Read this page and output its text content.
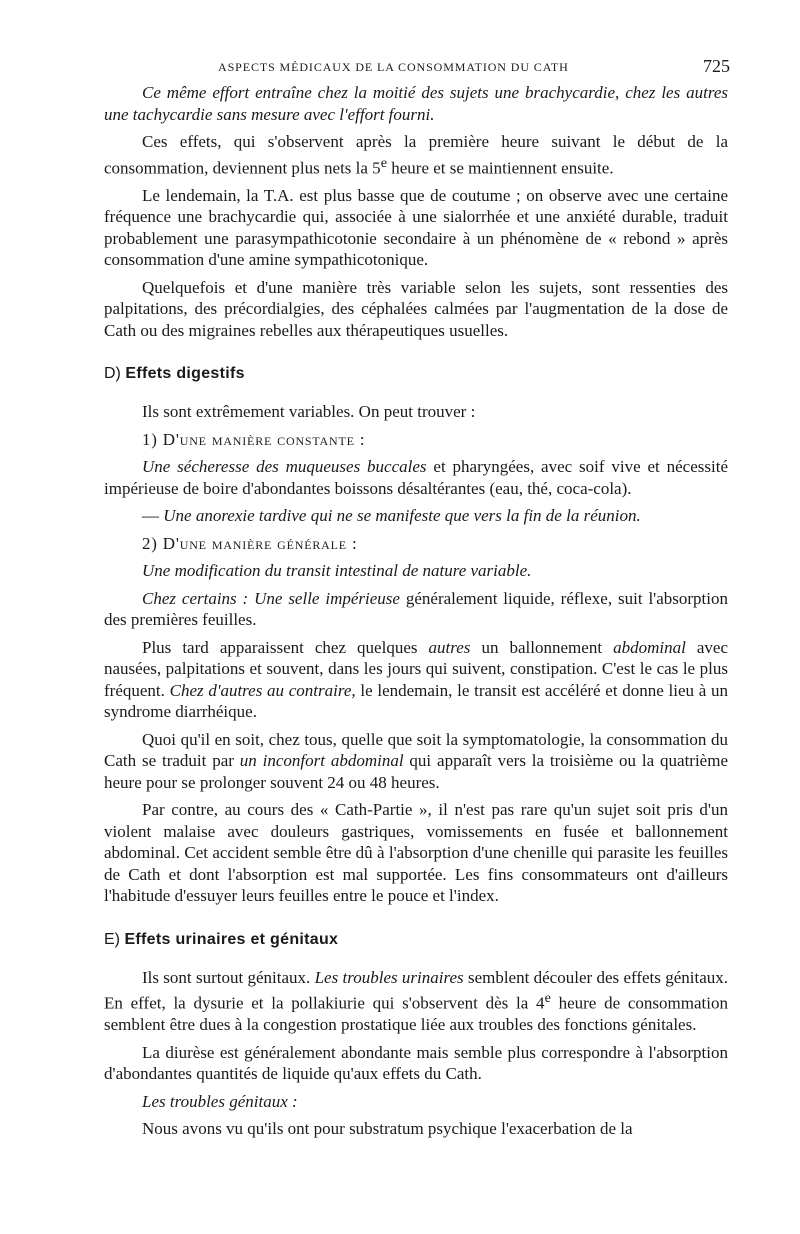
ASPECTS MÉDICAUX DE LA CONSOMMATION DU CATH	725

Ce même effort entraîne chez la moitié des sujets une brachycardie, chez les autres une tachycardie sans mesure avec l'effort fourni.

Ces effets, qui s'observent après la première heure suivant le début de la consommation, deviennent plus nets la 5e heure et se maintiennent ensuite.

Le lendemain, la T.A. est plus basse que de coutume ; on observe avec une certaine fréquence une brachycardie qui, associée à une sialorrhée et une anxiété durable, traduit probablement une parasympathicotonie secondaire à un phénomène de « rebond » après consommation d'une amine sympathicotonique.

Quelquefois et d'une manière très variable selon les sujets, sont ressenties des palpitations, des précordialgies, des céphalées calmées par l'augmentation de la dose de Cath ou des migraines rebelles aux thérapeutiques usuelles.

D) Effets digestifs

Ils sont extrêmement variables. On peut trouver :

1) D'une manière constante :

Une sécheresse des muqueuses buccales et pharyngées, avec soif vive et nécessité impérieuse de boire d'abondantes boissons désaltérantes (eau, thé, coca-cola).

— Une anorexie tardive qui ne se manifeste que vers la fin de la réunion.

2) D'une manière générale :

Une modification du transit intestinal de nature variable.

Chez certains : Une selle impérieuse généralement liquide, réflexe, suit l'absorption des premières feuilles.

Plus tard apparaissent chez quelques autres un ballonnement abdominal avec nausées, palpitations et souvent, dans les jours qui suivent, constipation. C'est le cas le plus fréquent. Chez d'autres au contraire, le lendemain, le transit est accéléré et donne lieu à un syndrome diarrhéique.

Quoi qu'il en soit, chez tous, quelle que soit la symptomatologie, la consommation du Cath se traduit par un inconfort abdominal qui apparaît vers la troisième ou la quatrième heure pour se prolonger souvent 24 ou 48 heures.

Par contre, au cours des « Cath-Partie », il n'est pas rare qu'un sujet soit pris d'un violent malaise avec douleurs gastriques, vomissements en fusée et ballonnement abdominal. Cet accident semble être dû à l'absorption d'une chenille qui parasite les feuilles de Cath et dont l'absorption est mal supportée. Les fins consommateurs ont d'ailleurs l'habitude d'essuyer leurs feuilles entre le pouce et l'index.

E) Effets urinaires et génitaux

Ils sont surtout génitaux. Les troubles urinaires semblent découler des effets génitaux. En effet, la dysurie et la pollakiurie qui s'observent dès la 4e heure de consommation semblent être dues à la congestion prostatique liée aux troubles des fonctions génitales.

La diurèse est généralement abondante mais semble plus correspondre à l'absorption d'abondantes quantités de liquide qu'aux effets du Cath.

Les troubles génitaux :

Nous avons vu qu'ils ont pour substratum psychique l'exacerbation de la
